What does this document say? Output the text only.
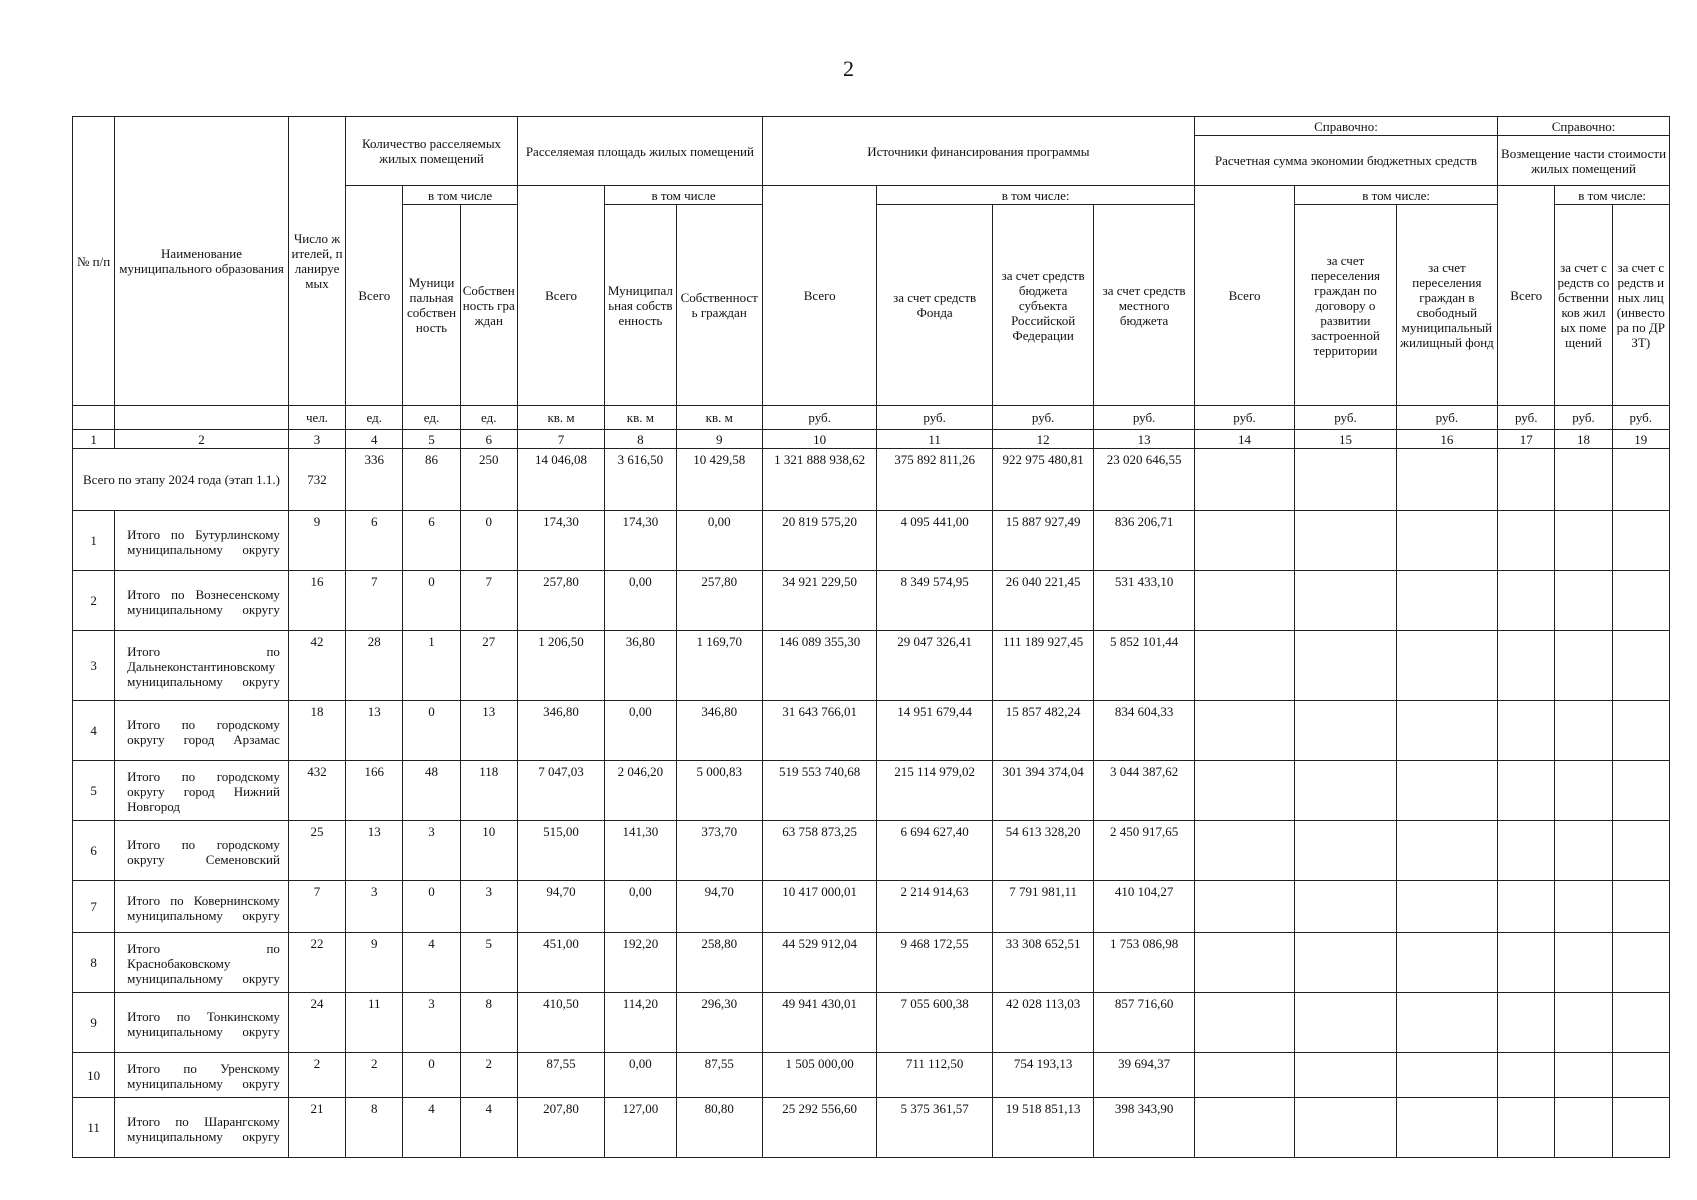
2
№ п/п	Наименование муниципального образования	Число жителей, планируемых	Количество расселяемых жилых помещений			Расселяемая площадь жилых помещений			Источники финансирования программы				Справочно:			Справочно:		
													Расчетная сумма экономии бюджетных средств			Возмещение части стоимости жилых помещений		
			Всего	в том числе		Всего	в том числе		Всего	в том числе:			Всего	в том числе:		Всего	в том числе:	
				Муниципальная собственность	Собственность граждан		Муниципальная собственность	Собственность граждан		за счет средств Фонда	за счет средств бюджета субъекта Российской Федерации	за счет средств местного бюджета		за счет переселения граждан по договору о развитии застроенной территории	за счет переселения граждан в свободный муниципальный жилищный фонд		за счет средств собственников жилых помещений	за счет средств иных лиц (инвестора по ДРЗТ)
		чел.	ед.	ед.	ед.	кв. м	кв. м	кв. м	руб.	руб.	руб.	руб.	руб.	руб.	руб.	руб.	руб.	руб.
1	2	3	4	5	6	7	8	9	10	11	12	13	14	15	16	17	18	19
Всего по этапу 2024 года (этап 1.1.)		732	336	86	250	14 046,08	3 616,50	10 429,58	1 321 888 938,62	375 892 811,26	922 975 480,81	23 020 646,55						
1	Итого по Бутурлинскому муниципальному округу	9	6	6	0	174,30	174,30	0,00	20 819 575,20	4 095 441,00	15 887 927,49	836 206,71						
2	Итого по Вознесенскому муниципальному округу	16	7	0	7	257,80	0,00	257,80	34 921 229,50	8 349 574,95	26 040 221,45	531 433,10						
3	Итого по Дальнеконстантиновскому муниципальному округу	42	28	1	27	1 206,50	36,80	1 169,70	146 089 355,30	29 047 326,41	111 189 927,45	5 852 101,44						
4	Итого по городскому округу город Арзамас	18	13	0	13	346,80	0,00	346,80	31 643 766,01	14 951 679,44	15 857 482,24	834 604,33						
5	Итого по городскому округу город Нижний Новгород	432	166	48	118	7 047,03	2 046,20	5 000,83	519 553 740,68	215 114 979,02	301 394 374,04	3 044 387,62						
6	Итого по городскому округу Семеновский	25	13	3	10	515,00	141,30	373,70	63 758 873,25	6 694 627,40	54 613 328,20	2 450 917,65						
7	Итого по Ковернинскому муниципальному округу	7	3	0	3	94,70	0,00	94,70	10 417 000,01	2 214 914,63	7 791 981,11	410 104,27						
8	Итого по Краснобаковскому муниципальному округу	22	9	4	5	451,00	192,20	258,80	44 529 912,04	9 468 172,55	33 308 652,51	1 753 086,98						
9	Итого по Тонкинскому муниципальному округу	24	11	3	8	410,50	114,20	296,30	49 941 430,01	7 055 600,38	42 028 113,03	857 716,60						
10	Итого по Уренскому муниципальному округу	2	2	0	2	87,55	0,00	87,55	1 505 000,00	711 112,50	754 193,13	39 694,37						
11	Итого по Шарангскому муниципальному округу	21	8	4	4	207,80	127,00	80,80	25 292 556,60	5 375 361,57	19 518 851,13	398 343,90						
